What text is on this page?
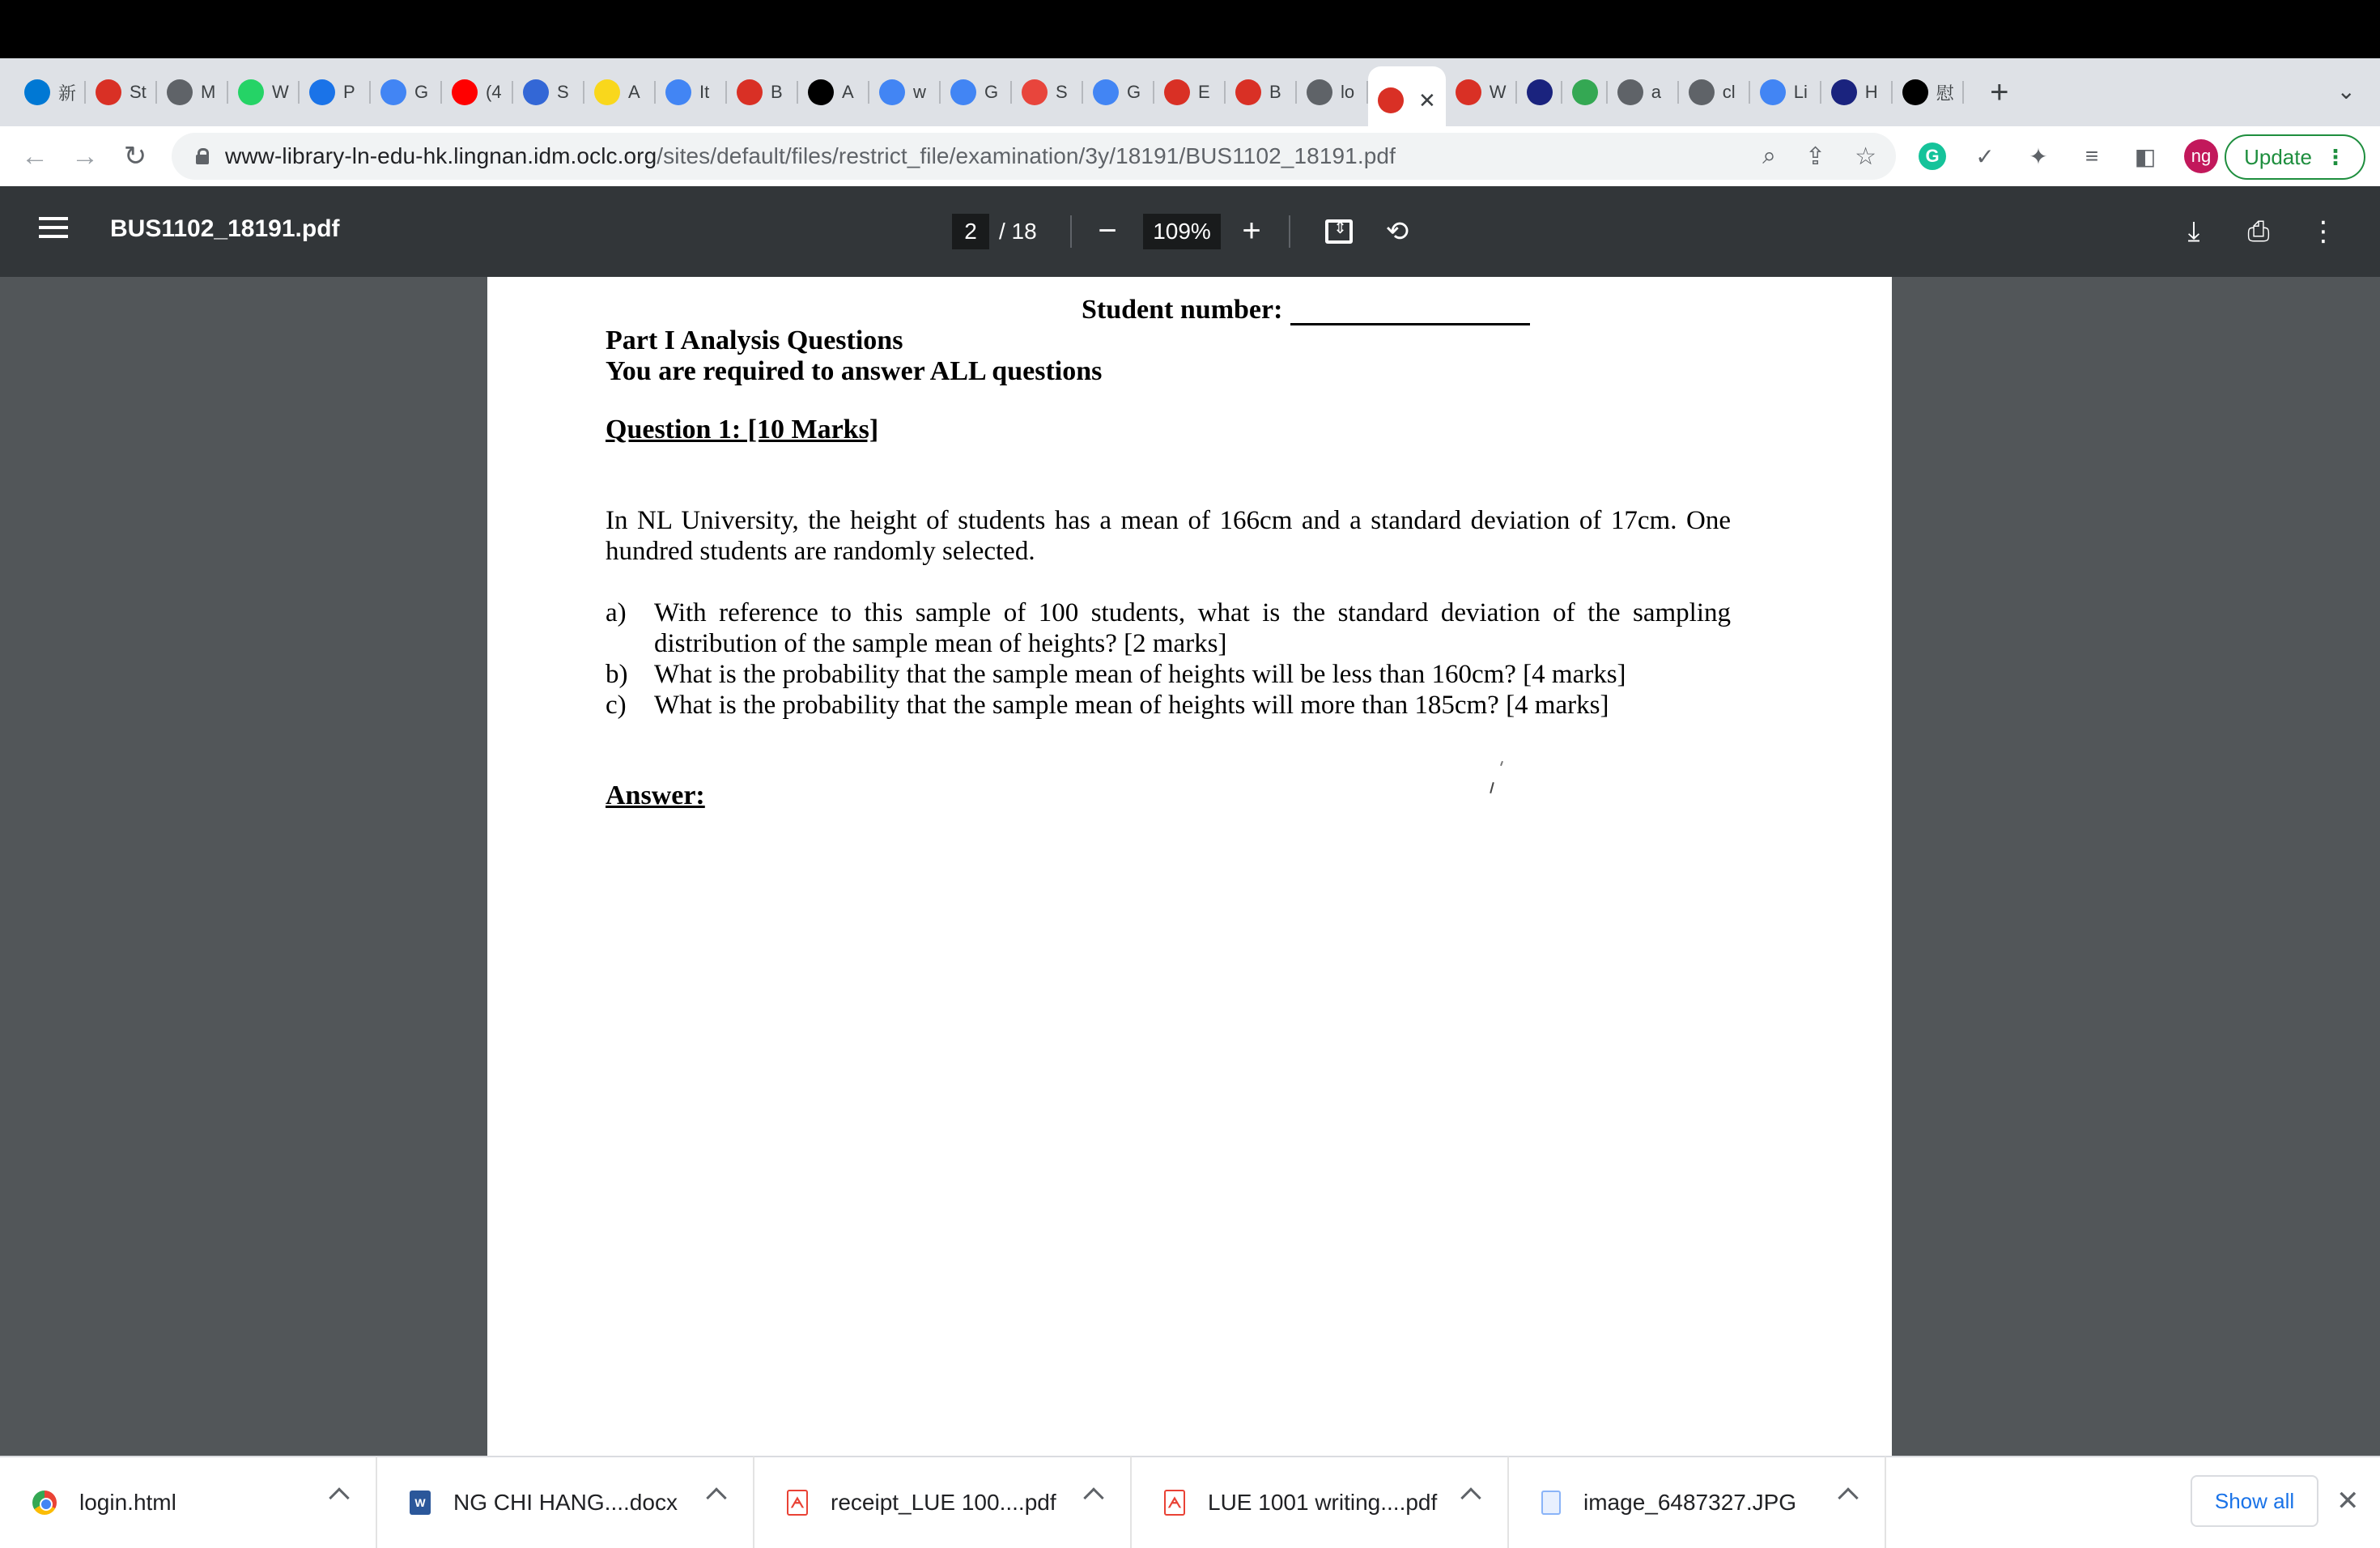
新	St	M	W	P	G	(4	S	A	It	B	A	w	G	S	G	E	B	lo	✕	W	a	cl	Li	H	慰 +	⌄
← → ↻	www-library-ln-edu-hk.lingnan.idm.oclc.org/sites/default/files/restrict_file/examination/3y/18191/BUS1102_18191.pdf	⌕ ⇪ ☆	G	✓ ✦	≡	◧	ng	Update ⋮
BUS1102_18191.pdf	2 / 18 −	109% +
⇕	⟲	⤓	⎙ ⋮
Student number:
Part I Analysis Questions
You are required to answer ALL questions
Question 1: [10 Marks]
In NL University, the height of students has a mean of 166cm and a standard deviation of 17cm. One hundred students are randomly selected.
a)	With reference to this sample of 100 students, what is the standard deviation of the sampling distribution of the sample mean of heights? [2 marks]
b) What is the probability that the sample mean of heights will be less than 160cm? [4 marks]
c)	What is the probability that the sample mean of heights will more than 185cm? [4 marks]
Answer:
login.html	W NG CHI HANG....docx	ᗅ receipt_LUE 100....pdf	ᗅ LUE 1001 writing....pdf	image_6487327.JPG	Show all	✕
